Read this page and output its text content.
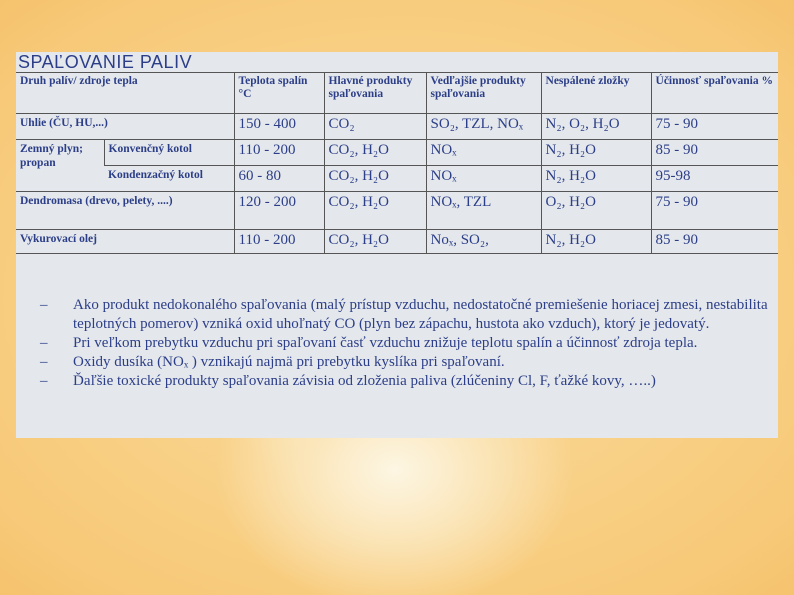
SPAĽOVANIE PALIV
Druh palív/ zdroje tepla		Teplota spalín °C	Hlavné produkty spaľovania	Vedľajšie produkty spaľovania	Nespálené zložky	Účinnosť spaľovania %
Uhlie (ČU, HU,...)		150 - 400	CO₂	SO₂, TZL, NOₓ	N₂, O₂, H₂O	75 - 90
Zemný plyn; propan	Konvenčný kotol	110 - 200	CO₂, H₂O	NOₓ	N₂, H₂O	85 - 90
	Kondenzačný kotol	60 - 80	CO₂, H₂O	NOₓ	N₂, H₂O	95-98
Dendromasa (drevo, pelety, ....)		120 - 200	CO₂, H₂O	NOₓ, TZL	O₂, H₂O	75 - 90
Vykurovací olej		110 - 200	CO₂, H₂O	Noₓ, SO₂,	N₂, H₂O	85 - 90
–	Ako produkt nedokonalého spaľovania (malý prístup vzduchu, nedostatočné premiešenie horiacej zmesi, nestabilita teplotných pomerov) vzniká oxid uhoľnatý CO (plyn bez zápachu, hustota ako vzduch), ktorý je jedovatý.
–	Pri veľkom prebytku vzduchu pri spaľovaní časť vzduchu znižuje teplotu spalín a účinnosť zdroja tepla.
–	Oxidy dusíka (NOₓ ) vznikajú najmä pri prebytku kyslíka pri spaľovaní.
–	Ďaľšie toxické produkty spaľovania závisia od zloženia paliva (zlúčeniny Cl, F, ťažké kovy, …..)
